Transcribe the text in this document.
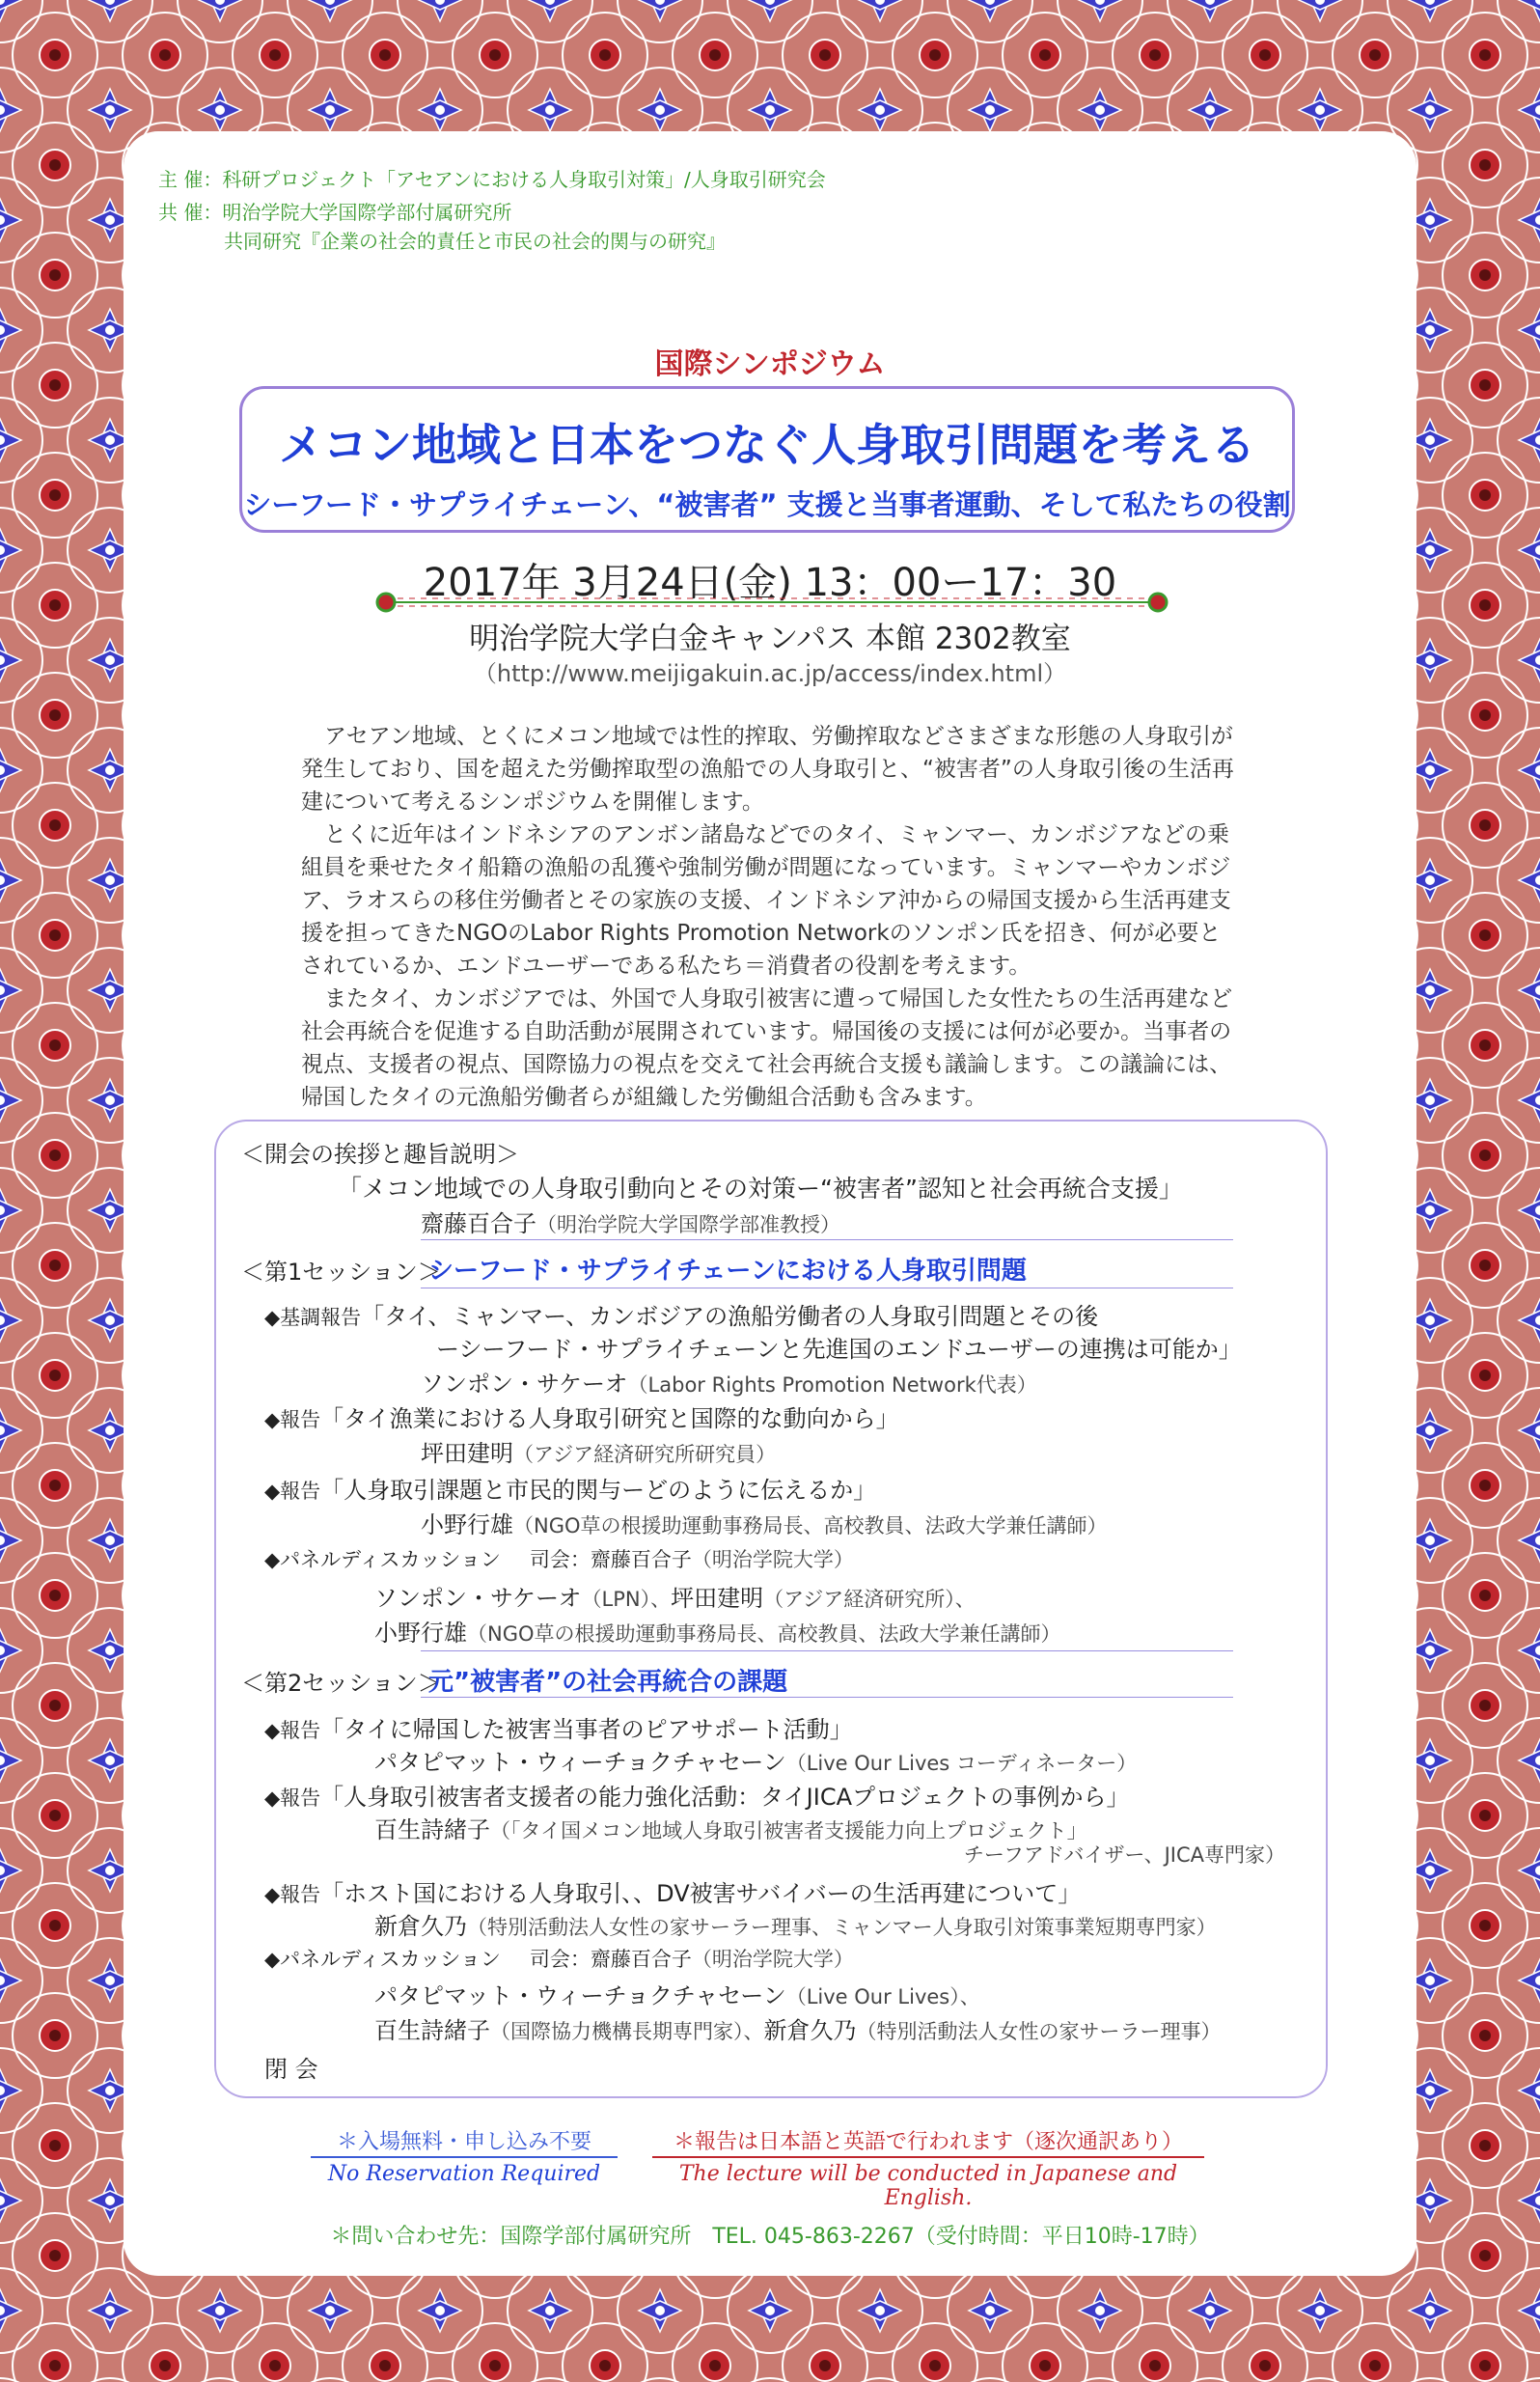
主 催：科研プロジェクト「アセアンにおける人身取引対策」/人身取引研究会
共 催：明治学院大学国際学部付属研究所
共同研究『企業の社会的責任と市民の社会的関与の研究』
国際シンポジウム
メコン地域と日本をつなぐ人身取引問題を考える
シーフード・サプライチェーン、“被害者” 支援と当事者運動、そして私たちの役割
2017年 3月24日(金) 13：00ー17：30
明治学院大学白金キャンパス 本館 2302教室
（http://www.meijigakuin.ac.jp/access/index.html）

アセアン地域、とくにメコン地域では性的搾取、労働搾取などさまざまな形態の人身取引が発生しており、国を超えた労働搾取型の漁船での人身取引と、“被害者”の人身取引後の生活再建について考えるシンポジウムを開催します。

とくに近年はインドネシアのアンボン諸島などでのタイ、ミャンマー、カンボジアなどの乗組員を乗せたタイ船籍の漁船の乱獲や強制労働が問題になっています。ミャンマーやカンボジア、ラオスらの移住労働者とその家族の支援、インドネシア沖からの帰国支援から生活再建支援を担ってきたNGOのLabor Rights Promotion Networkのソンポン氏を招き、何が必要とされているか、エンドユーザーである私たち＝消費者の役割を考えます。

またタイ、カンボジアでは、外国で人身取引被害に遭って帰国した女性たちの生活再建など社会再統合を促進する自助活動が展開されています。帰国後の支援には何が必要か。当事者の視点、支援者の視点、国際協力の視点を交えて社会再統合支援も議論します。この議論には、帰国したタイの元漁船労働者らが組織した労働組合活動も含みます。

＜開会の挨拶と趣旨説明＞
「メコン地域での人身取引動向とその対策ー“被害者”認知と社会再統合支援」
齋藤百合子（明治学院大学国際学部准教授）
＜第1セッション＞
シーフード・サプライチェーンにおける人身取引問題
◆基調報告「タイ、ミャンマー、カンボジアの漁船労働者の人身取引問題とその後
ーシーフード・サプライチェーンと先進国のエンドユーザーの連携は可能か」
ソンポン・サケーオ（Labor Rights Promotion Network代表）
◆報告「タイ漁業における人身取引研究と国際的な動向から」
坪田建明（アジア経済研究所研究員）
◆報告「人身取引課題と市民的関与ーどのように伝えるか」
小野行雄（NGO草の根援助運動事務局長、高校教員、法政大学兼任講師）
◆パネルディスカッション 司会：齋藤百合子（明治学院大学）
ソンポン・サケーオ（LPN）、坪田建明（アジア経済研究所）、
小野行雄（NGO草の根援助運動事務局長、高校教員、法政大学兼任講師）
＜第2セッション＞
元”被害者”の社会再統合の課題
◆報告「タイに帰国した被害当事者のピアサポート活動」
パタピマット・ウィーチョクチャセーン（Live Our Lives コーディネーター）
◆報告「人身取引被害者支援者の能力強化活動：タイJICAプロジェクトの事例から」
百生詩緒子（「タイ国メコン地域人身取引被害者支援能力向上プロジェクト」
チーフアドバイザー、JICA専門家）
◆報告「ホスト国における人身取引、、DV被害サバイバーの生活再建について」
新倉久乃（特別活動法人女性の家サーラー理事、ミャンマー人身取引対策事業短期専門家）
◆パネルディスカッション 司会：齋藤百合子（明治学院大学）
パタピマット・ウィーチョクチャセーン（Live Our Lives）、
百生詩緒子（国際協力機構長期専門家）、新倉久乃（特別活動法人女性の家サーラー理事）
閉 会
＊入場無料・申し込み不要
No Reservation Required
＊報告は日本語と英語で行われます（逐次通訳あり）
The lecture will be conducted in Japanese and English.
＊問い合わせ先：国際学部付属研究所　TEL. 045-863-2267（受付時間：平日10時-17時）
